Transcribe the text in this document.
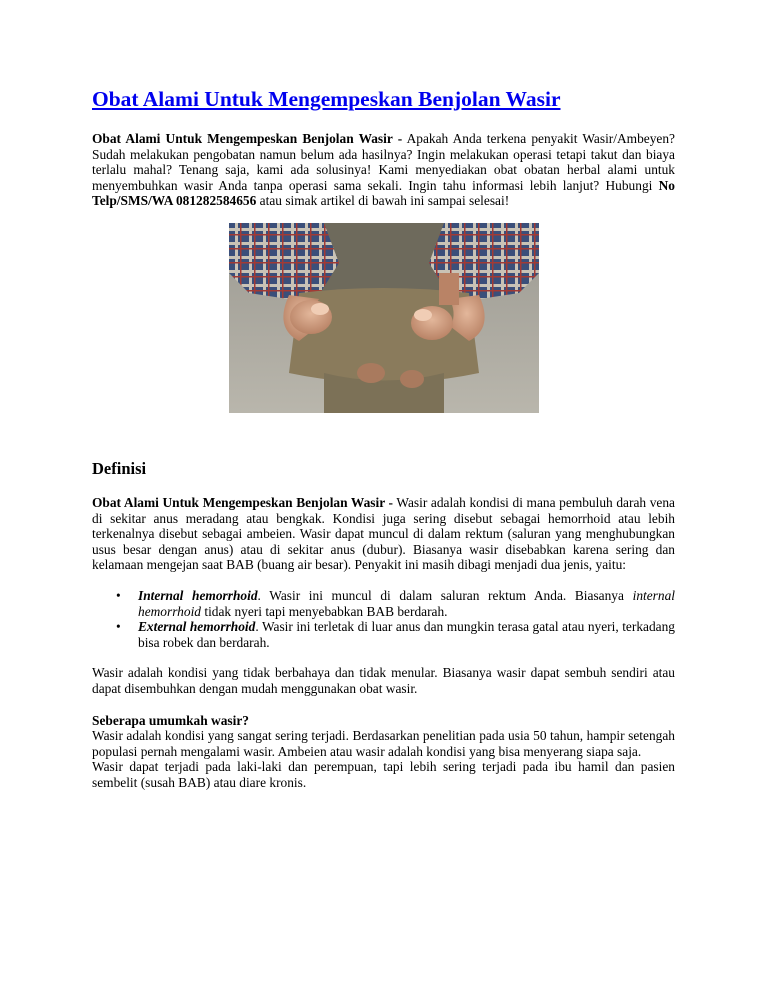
Obat Alami Untuk Mengempeskan Benjolan Wasir

Obat Alami Untuk Mengempeskan Benjolan Wasir - Apakah Anda terkena penyakit Wasir/Ambeyen? Sudah melakukan pengobatan namun belum ada hasilnya? Ingin melakukan operasi tetapi takut dan biaya terlalu mahal? Tenang saja, kami ada solusinya! Kami menyediakan obat obatan herbal alami untuk menyembuhkan wasir Anda tanpa operasi sama sekali. Ingin tahu informasi lebih lanjut? Hubungi No Telp/SMS/WA 081282584656 atau simak artikel di bawah ini sampai selesai!

Definisi

Obat Alami Untuk Mengempeskan Benjolan Wasir - Wasir adalah kondisi di mana pembuluh darah vena di sekitar anus meradang atau bengkak. Kondisi juga sering disebut sebagai hemorrhoid atau lebih terkenalnya disebut sebagai ambeien. Wasir dapat muncul di dalam rektum (saluran yang menghubungkan usus besar dengan anus) atau di sekitar anus (dubur). Biasanya wasir disebabkan karena sering dan kelamaan mengejan saat BAB (buang air besar). Penyakit ini masih dibagi menjadi dua jenis, yaitu:

• Internal hemorrhoid. Wasir ini muncul di dalam saluran rektum Anda. Biasanya internal hemorrhoid tidak nyeri tapi menyebabkan BAB berdarah.
• External hemorrhoid. Wasir ini terletak di luar anus dan mungkin terasa gatal atau nyeri, terkadang bisa robek dan berdarah.

Wasir adalah kondisi yang tidak berbahaya dan tidak menular. Biasanya wasir dapat sembuh sendiri atau dapat disembuhkan dengan mudah menggunakan obat wasir.

Seberapa umumkah wasir?

Wasir adalah kondisi yang sangat sering terjadi. Berdasarkan penelitian pada usia 50 tahun, hampir setengah populasi pernah mengalami wasir. Ambeien atau wasir adalah kondisi yang bisa menyerang siapa saja.

Wasir dapat terjadi pada laki-laki dan perempuan, tapi lebih sering terjadi pada ibu hamil dan pasien sembelit (susah BAB) atau diare kronis.
